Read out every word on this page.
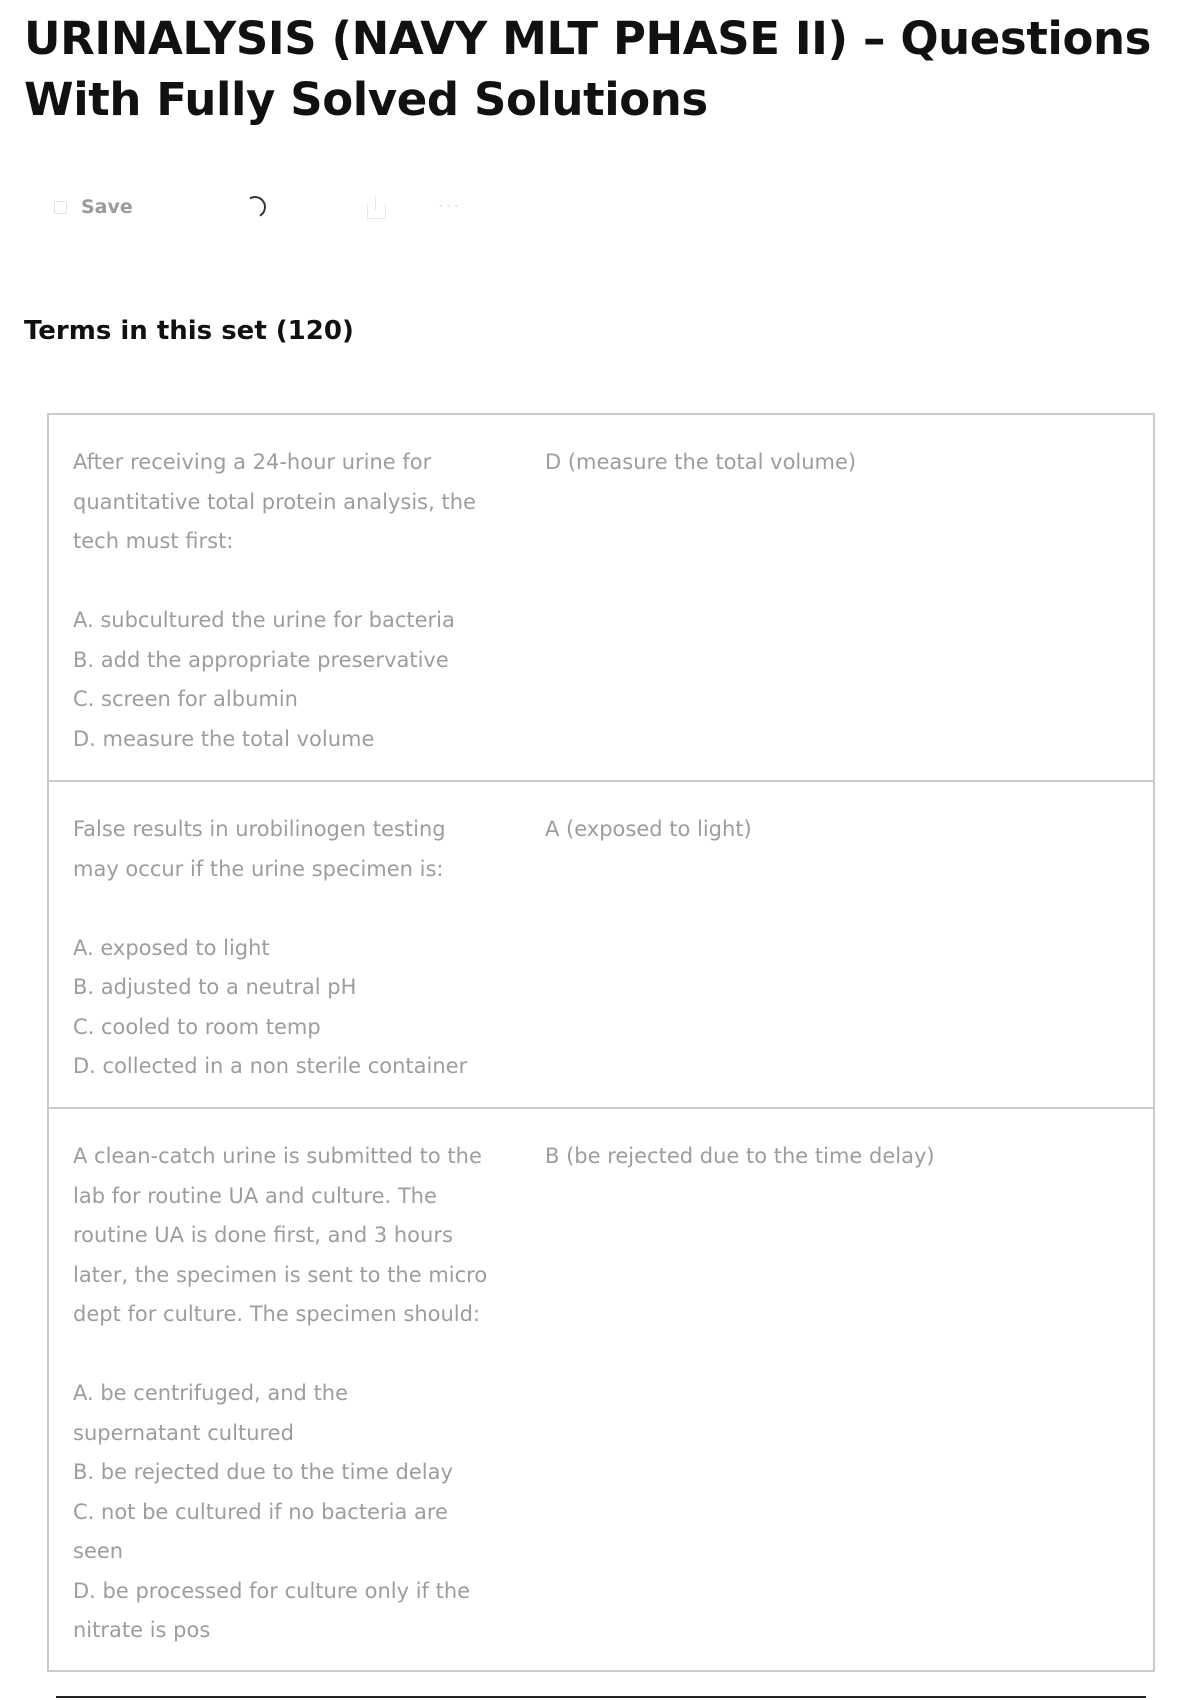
URINALYSIS (NAVY MLT PHASE II) – Questions With Fully Solved Solutions
Save	···
Terms in this set (120)

After receiving a 24-hour urine for
quantitative total protein analysis, the
tech must first:

A. subcultured the urine for bacteria
B. add the appropriate preservative
C. screen for albumin
D. measure the total volume

D (measure the total volume)

False results in urobilinogen testing
may occur if the urine specimen is:

A. exposed to light
B. adjusted to a neutral pH
C. cooled to room temp
D. collected in a non sterile container

A (exposed to light)

A clean-catch urine is submitted to the
lab for routine UA and culture. The
routine UA is done first, and 3 hours
later, the specimen is sent to the micro
dept for culture. The specimen should:

A. be centrifuged, and the
supernatant cultured
B. be rejected due to the time delay
C. not be cultured if no bacteria are
seen
D. be processed for culture only if the
nitrate is pos

B (be rejected due to the time delay)
